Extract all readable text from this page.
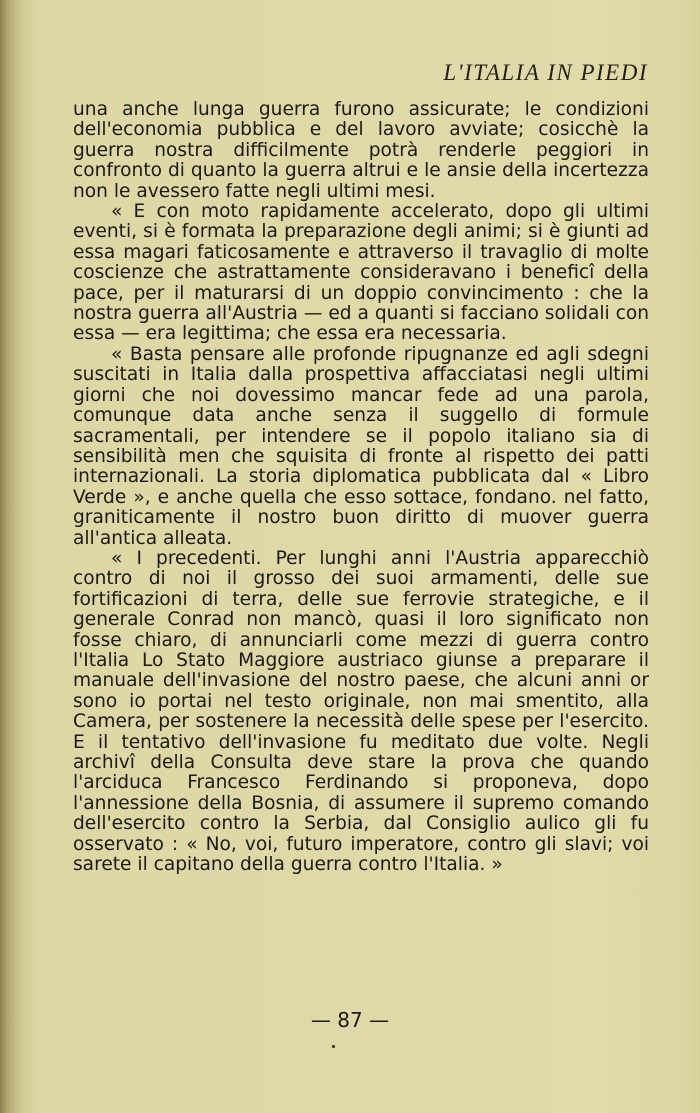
L'ITALIA IN PIEDI

una anche lunga guerra furono assicurate; le condizioni dell'economia pubblica e del lavoro avviate; cosicchè la guerra nostra difficilmente potrà renderle peggiori in confronto di quanto la guerra altrui e le ansie della incertezza non le avessero fatte negli ultimi mesi.

« E con moto rapidamente accelerato, dopo gli ultimi eventi, si è formata la preparazione degli animi; si è giunti ad essa magari faticosamente e attraverso il travaglio di molte coscienze che astrattamente consideravano i beneficî della pace, per il maturarsi di un doppio convincimento : che la nostra guerra all'Austria — ed a quanti si facciano solidali con essa — era legittima; che essa era necessaria.

« Basta pensare alle profonde ripugnanze ed agli sdegni suscitati in Italia dalla prospettiva affacciatasi negli ultimi giorni che noi dovessimo mancar fede ad una parola, comunque data anche senza il suggello di formule sacramentali, per intendere se il popolo italiano sia di sensibilità men che squisita di fronte al rispetto dei patti internazionali. La storia diplomatica pubblicata dal « Libro Verde », e anche quella che esso sottace, fondano. nel fatto, graniticamente il nostro buon diritto di muover guerra all'antica alleata.

« I precedenti. Per lunghi anni l'Austria apparecchiò contro di noi il grosso dei suoi armamenti, delle sue fortificazioni di terra, delle sue ferrovie strategiche, e il generale Conrad non mancò, quasi il loro significato non fosse chiaro, di annunciarli come mezzi di guerra contro l'Italia Lo Stato Maggiore austriaco giunse a preparare il manuale dell'invasione del nostro paese, che alcuni anni or sono io portai nel testo originale, non mai smentito, alla Camera, per sostenere la necessità delle spese per l'esercito. E il tentativo dell'invasione fu meditato due volte. Negli archivî della Consulta deve stare la prova che quando l'arciduca Francesco Ferdinando si proponeva, dopo l'annessione della Bosnia, di assumere il supremo comando dell'esercito contro la Serbia, dal Consiglio aulico gli fu osservato : « No, voi, futuro imperatore, contro gli slavi; voi sarete il capitano della guerra contro l'Italia. »

— 87 —
